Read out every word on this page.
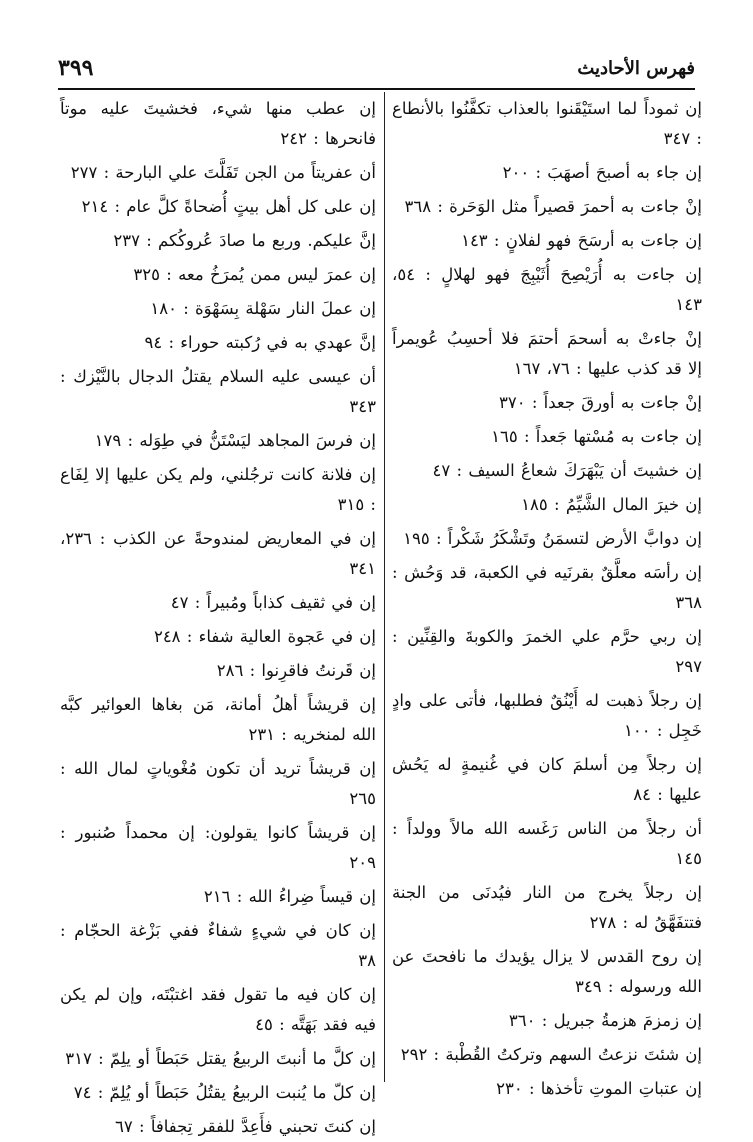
٣٩٩	فهرس الأحاديث

إن ثموداً لما استَيْقَنوا بالعذاب تكفَّنُوا بالأنطاع : ٣٤٧

إن جاء به أصبحَ أصهَبَ : ٢٠٠

إنْ جاءت به أحمرَ قصيراً مثل الوَحَرة : ٣٦٨

إن جاءت به أرسَحَ فهو لفلانٍ : ١٤٣

إن جاءت به أُرَيْصِحَ أُثَيْبِجَ فهو لهلالٍ : ٥٤، ١٤٣

إنْ جاءتْ به أسحمَ أحتمَ فلا أحسِبُ عُويمراً إلا قد كذب عليها : ٧٦، ١٦٧

إنْ جاءت به أورقَ جعداً : ٣٧٠

إن جاءت به مُسْتها جَعداً : ١٦٥

إن خشيتَ أن يَبْهَرَكَ شعاعُ السيف : ٤٧

إن خيرَ المال الشَّيِّمُ : ١٨٥

إن دوابَّ الأرض لتسمَنُ وتَشْكَرُ شَكْراً : ١٩٥

إن رأسَه معلَّقٌ بقرنَيه في الكعبة، قد وَحُش : ٣٦٨

إن ربي حرَّم علي الخمرَ والكوبةَ والقِنِّين : ٢٩٧

إن رجلاً ذهبت له أَيْنُقٌ فطلبها، فأتى على وادٍ خَجِل : ١٠٠

إن رجلاً مِن أسلمَ كان في غُنيمةٍ له يَحُش عليها : ٨٤

أن رجلاً من الناس رَغَسه الله مالاً وولداً : ١٤٥

إن رجلاً يخرج من النار فيُدنَى من الجنة فتتفَهَّقُ له : ٢٧٨

إن روح القدس لا يزال يؤيدك ما نافحتَ عن الله ورسوله : ٣٤٩

إن زمزمَ هزمةُ جبريل : ٣٦٠

إن شئتَ نزعتُ السهم وتركتُ القُطْبة : ٢٩٢

إن عتباتِ الموتِ تأخذها : ٢٣٠

إن عطب منها شيء، فخشيتَ عليه موتاً فانحرها : ٢٤٢

أن عفريتاً من الجن تَفَلَّتَ علي البارحة : ٢٧٧

إن على كل أهل بيتٍ أُضحاةً كلَّ عام : ٢١٤

إنَّ عليكم. وربع ما صادَ عُروكُكم : ٢٣٧

إن عمرَ ليس ممن يُمرَخُ معه : ٣٢٥

إن عملَ النار سَهْلة بِسَهْوَة : ١٨٠

إنَّ عهدي به في رُكبته حوراء : ٩٤

أن عيسى عليه السلام يقتلُ الدجال بالنَّيْزك : ٣٤٣

إن فرسَ المجاهد ليَسْتَنُّ في طِوَله : ١٧٩

إن فلانة كانت ترجُلني، ولم يكن عليها إلا لِفَاع : ٣١٥

إن في المعاريض لمندوحةً عن الكذب : ٢٣٦، ٣٤١

إن في ثقيف كذاباً ومُبيراً : ٤٧

إن في عَجوة العالية شفاء : ٢٤٨

إن قَرنتُ فاقرِنوا : ٢٨٦

إن قريشاً أهلُ أمانة، مَن بغاها العوائير كبَّه الله لمنخريه : ٢٣١

إن قريشاً تريد أن تكون مُغْوياتٍ لمال الله : ٢٦٥

إن قريشاً كانوا يقولون: إن محمداً صُنبور : ٢٠٩

إن قيساً ضِراءُ الله : ٢١٦

إن كان في شيءٍ شفاءٌ ففي بَزْغة الحجّام : ٣٨

إن كان فيه ما تقول فقد اغتبْتَه، وإن لم يكن فيه فقد بَهَتَّه : ٤٥

إن كلَّ ما أنبتَ الربيعُ يقتل حَبَطاً أو يلِمّ : ٣١٧

إن كلّ ما يُنبت الربيعُ يقتُلُ حَبَطاً أو يُلِمّ : ٧٤

إن كنتَ تحبني فأَعِدَّ للفقر تِجفافاً : ٦٧
